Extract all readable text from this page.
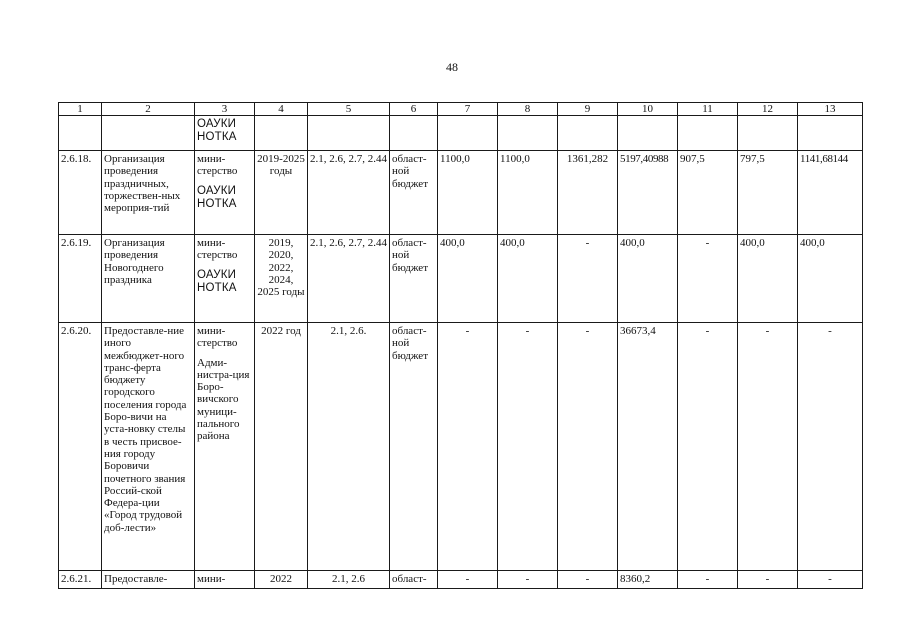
48
1	2	3	4	5	6	7	8	9	10	11	12	13

		ОАУКИ
НОТКА										

2.6.18.	Организация проведения праздничных, торжествен-ных мероприя-тий	мини-стерство
ОАУКИ
НОТКА	2019-2025 годы	2.1, 2.6, 2.7, 2.44	област-ной бюджет	1100,0	1100,0	1361,282	5197,40988	907,5	797,5	1141,68144
2.6.19.	Организация проведения Новогоднего праздника	мини-стерство
ОАУКИ
НОТКА	2019, 2020, 2022, 2024, 2025 годы	2.1, 2.6, 2.7, 2.44	област-ной бюджет	400,0	400,0	-	400,0	-	400,0	400,0
2.6.20.	Предоставле-ние иного межбюджет-ного транс-ферта бюджету городского поселения города Боро-вичи на уста-новку стелы в честь присвое-ния городу Боровичи почетного звания Россий-ской Федера-ции «Город трудовой доб-лести»	мини-стерство
Адми-нистра-ция Боро-вичского муници-пального района	2022 год	2.1, 2.6.	област-ной бюджет	-	-	-	36673,4	-	-	-
2.6.21.	Предоставле-	мини-	2022	2.1, 2.6	област-	-	-	-	8360,2	-	-	-
